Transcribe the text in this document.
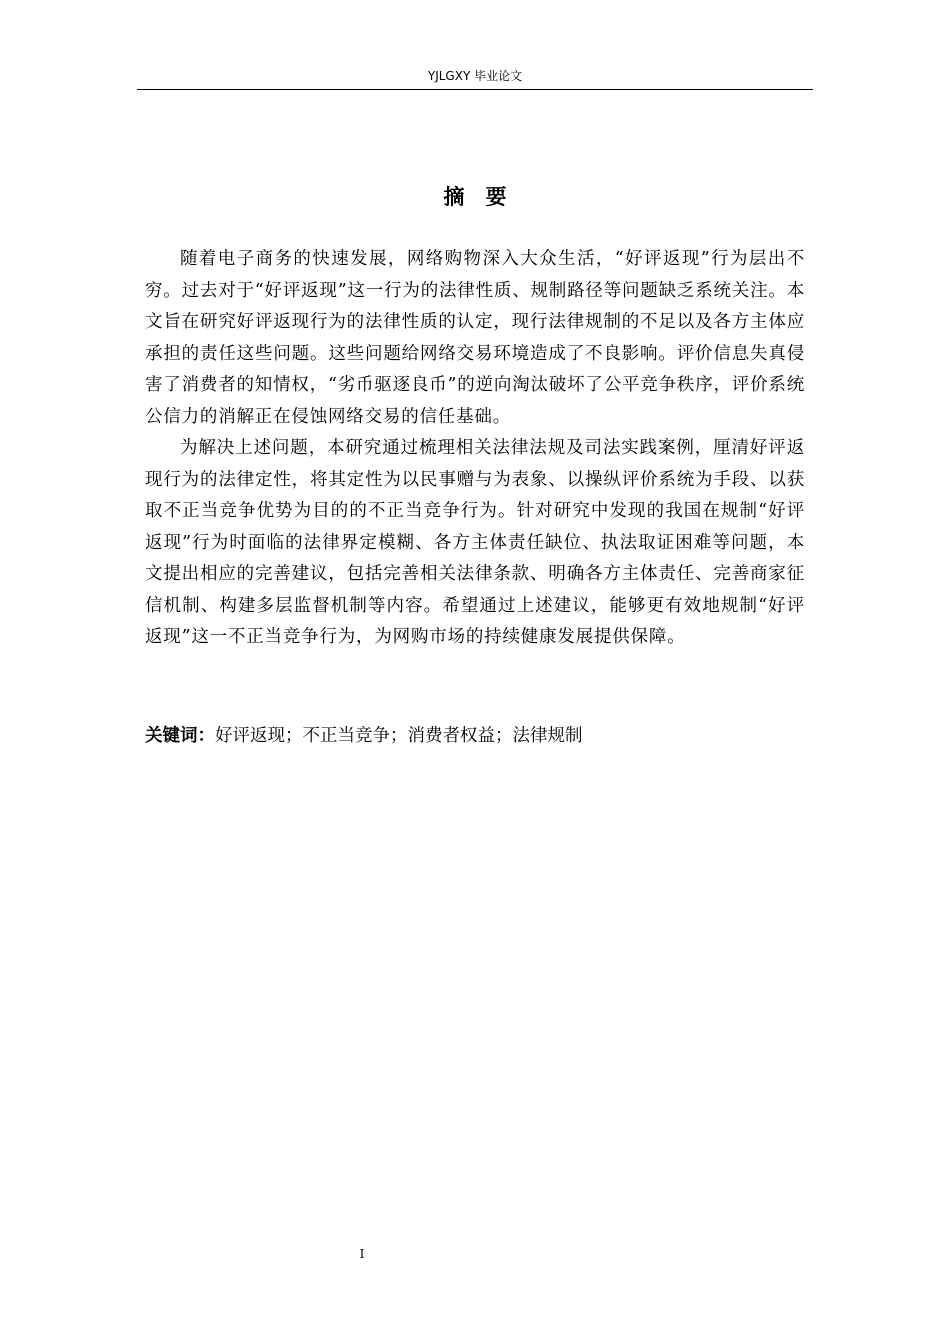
YJLGXY 毕业论文
摘　要

随着电子商务的快速发展，网络购物深入大众生活，“好评返现”行为层出不穷。过去对于“好评返现”这一行为的法律性质、规制路径等问题缺乏系统关注。本文旨在研究好评返现行为的法律性质的认定，现行法律规制的不足以及各方主体应承担的责任这些问题。这些问题给网络交易环境造成了不良影响。评价信息失真侵害了消费者的知情权，“劣币驱逐良币”的逆向淘汰破坏了公平竞争秩序，评价系统公信力的消解正在侵蚀网络交易的信任基础。

为解决上述问题，本研究通过梳理相关法律法规及司法实践案例，厘清好评返现行为的法律定性，将其定性为以民事赠与为表象、以操纵评价系统为手段、以获取不正当竞争优势为目的的不正当竞争行为。针对研究中发现的我国在规制“好评返现”行为时面临的法律界定模糊、各方主体责任缺位、执法取证困难等问题，本文提出相应的完善建议，包括完善相关法律条款、明确各方主体责任、完善商家征信机制、构建多层监督机制等内容。希望通过上述建议，能够更有效地规制“好评返现”这一不正当竞争行为，为网购市场的持续健康发展提供保障。

关键词：好评返现；不正当竞争；消费者权益；法律规制
I
